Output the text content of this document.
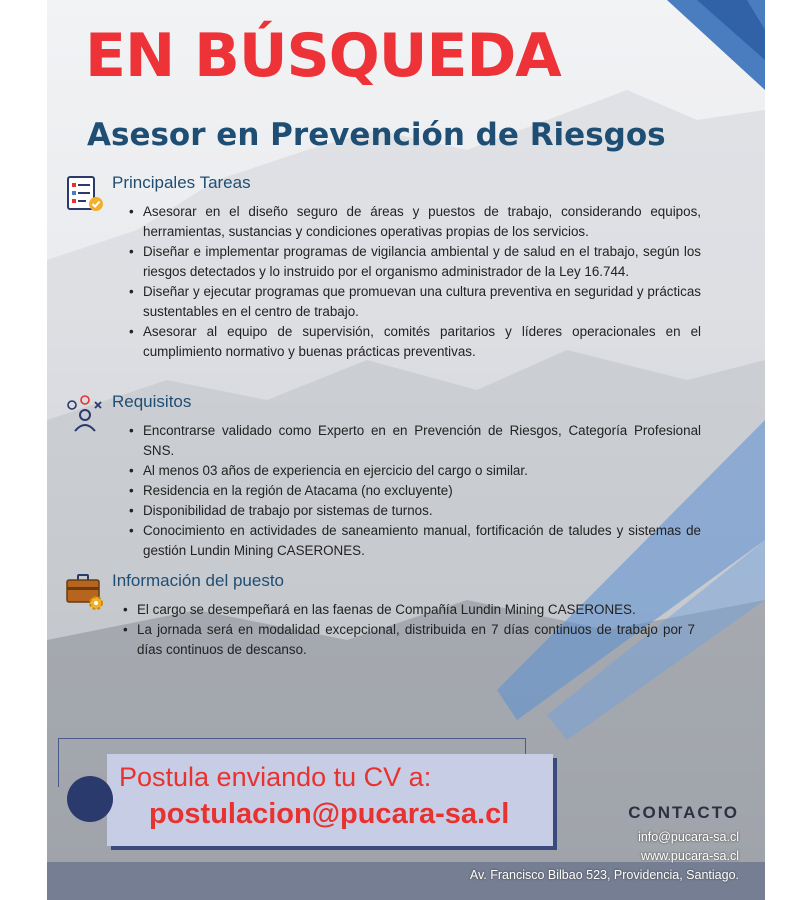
EN BÚSQUEDA
Asesor en Prevención de Riesgos
Principales Tareas
• Asesorar en el diseño seguro de áreas y puestos de trabajo, considerando equipos, herramientas, sustancias y condiciones operativas propias de los servicios.
• Diseñar e implementar programas de vigilancia ambiental y de salud en el trabajo, según los riesgos detectados y lo instruido por el organismo administrador de la Ley 16.744.
• Diseñar y ejecutar programas que promuevan una cultura preventiva en seguridad y prácticas sustentables en el centro de trabajo.
• Asesorar al equipo de supervisión, comités paritarios y líderes operacionales en el cumplimiento normativo y buenas prácticas preventivas.
Requisitos
• Encontrarse validado como Experto en en Prevención de Riesgos, Categoría Profesional SNS.
• Al menos 03 años de experiencia en ejercicio del cargo o similar.
• Residencia en la región de Atacama (no excluyente)
• Disponibilidad de trabajo por sistemas de turnos.
• Conocimiento en actividades de saneamiento manual, fortificación de taludes y sistemas de gestión Lundin Mining CASERONES.
Información del puesto
• El cargo se desempeñará en las faenas de Compañía Lundin Mining CASERONES.
• La jornada será en modalidad excepcional, distribuida en 7 días continuos de trabajo por 7 días continuos de descanso.
Postula enviando tu CV a:
postulacion@pucara-sa.cl	CONTACTO
info@pucara-sa.cl
www.pucara-sa.cl
Av. Francisco Bilbao 523, Providencia, Santiago.
